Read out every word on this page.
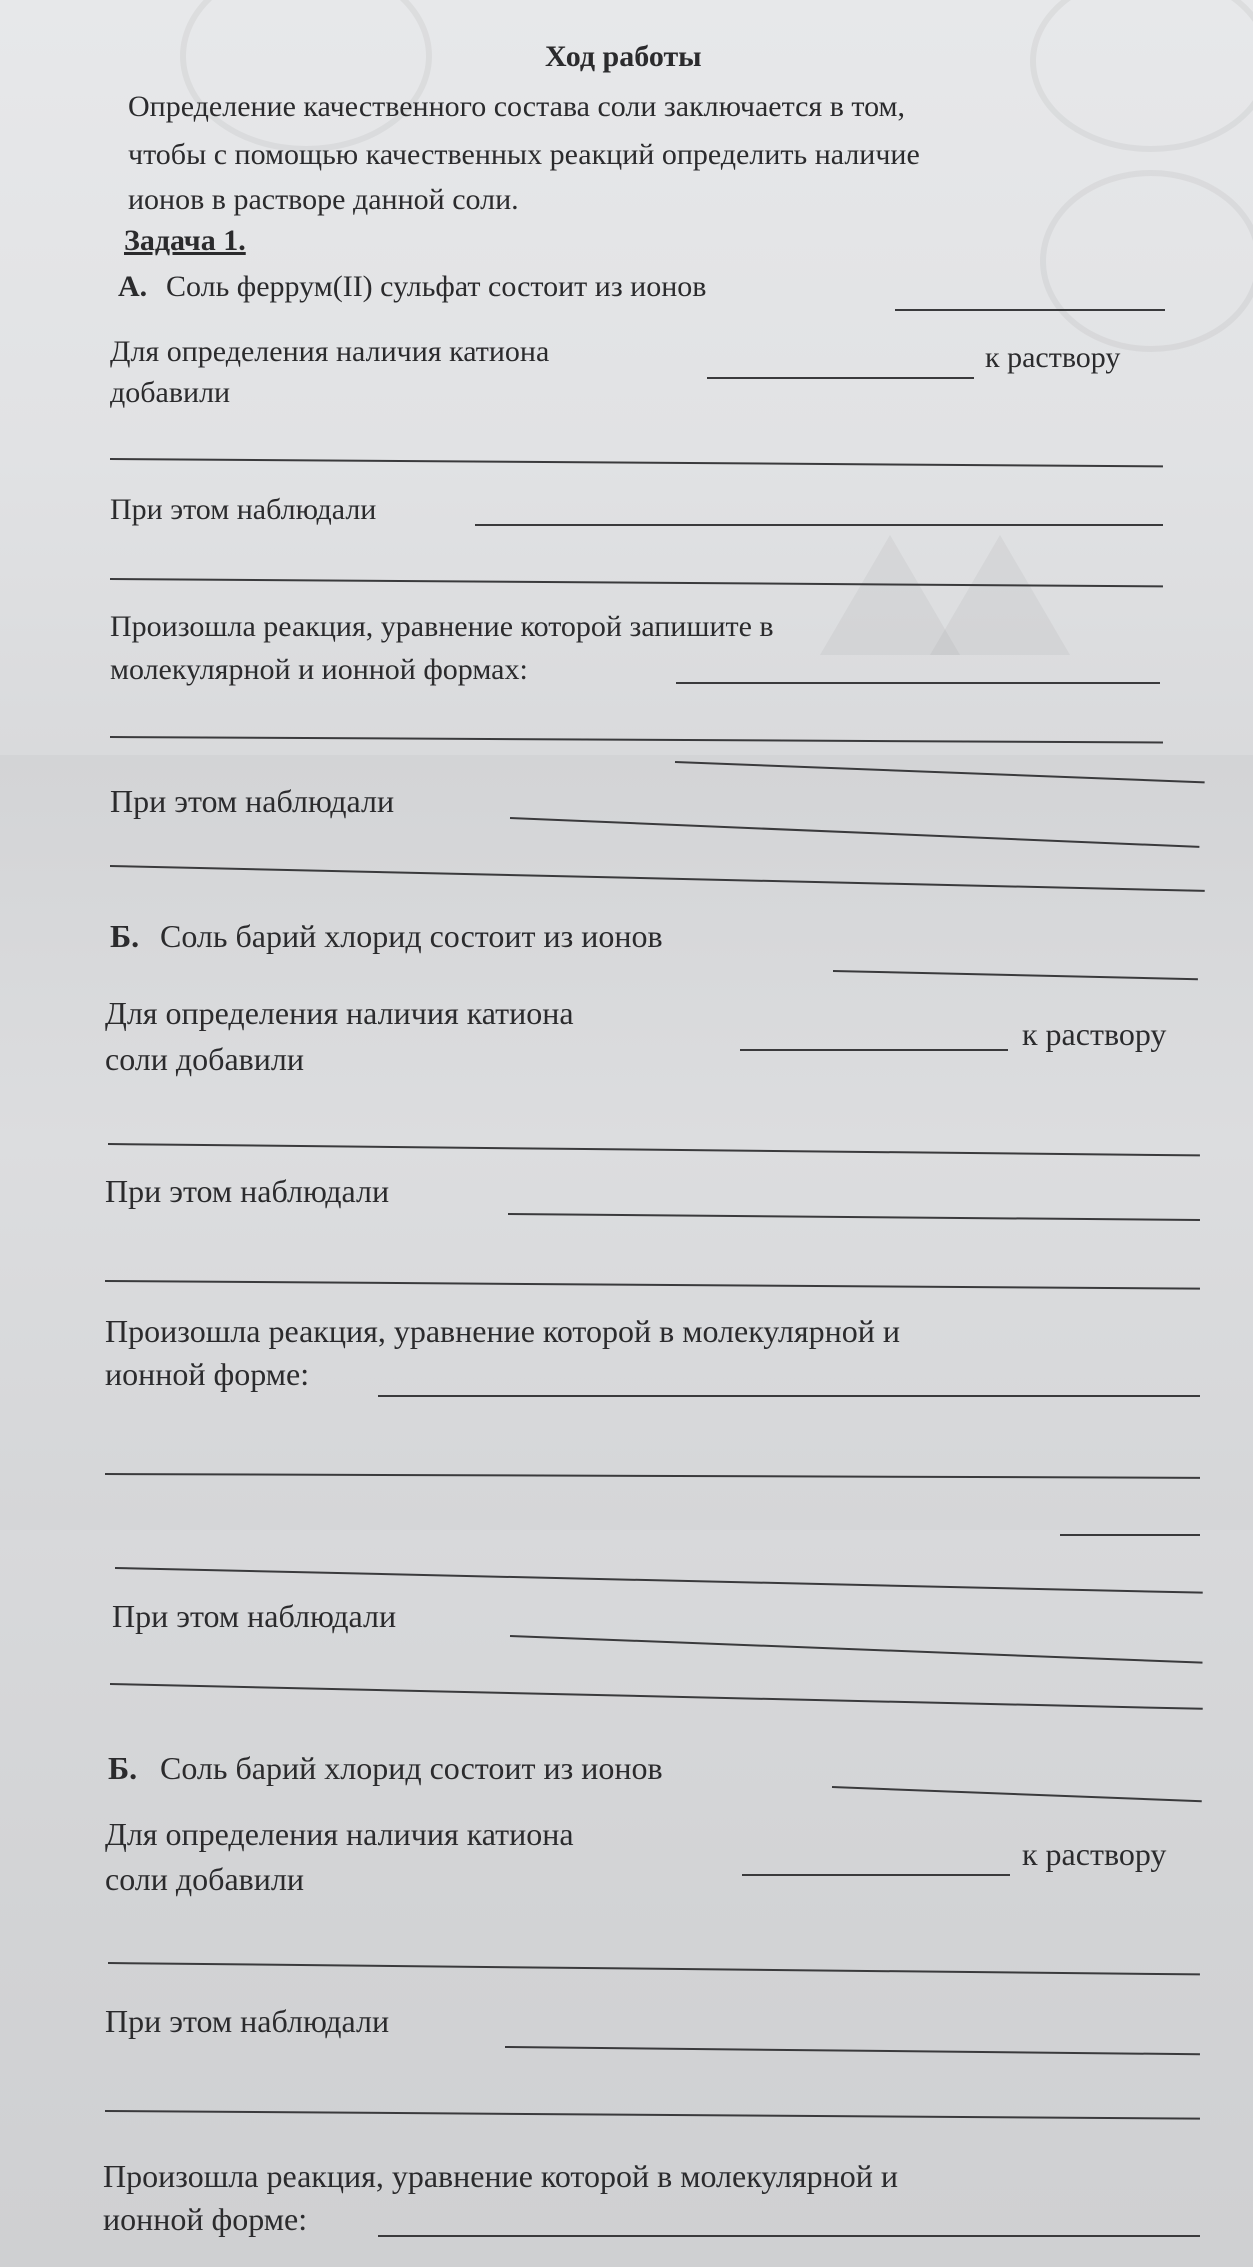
Ход работы
Определение качественного состава соли заключается в том,
чтобы с помощью качественных реакций определить наличие
ионов в растворе данной соли.
Задача 1.
А. Соль феррум(II) сульфат состоит из ионов
Для определения наличия катиона	к раствору
добавили
При этом наблюдали
Произошла реакция, уравнение которой запишите в
молекулярной и ионной формах:
При этом наблюдали
Б. Соль барий хлорид состоит из ионов
Для определения наличия катиона
к раствору
соли добавили
При этом наблюдали
Произошла реакция, уравнение которой в молекулярной и
ионной форме:
При этом наблюдали
Б. Соль барий хлорид состоит из ионов
Для определения наличия катиона
к раствору
соли добавили
При этом наблюдали
Произошла реакция, уравнение которой в молекулярной и
ионной форме:
